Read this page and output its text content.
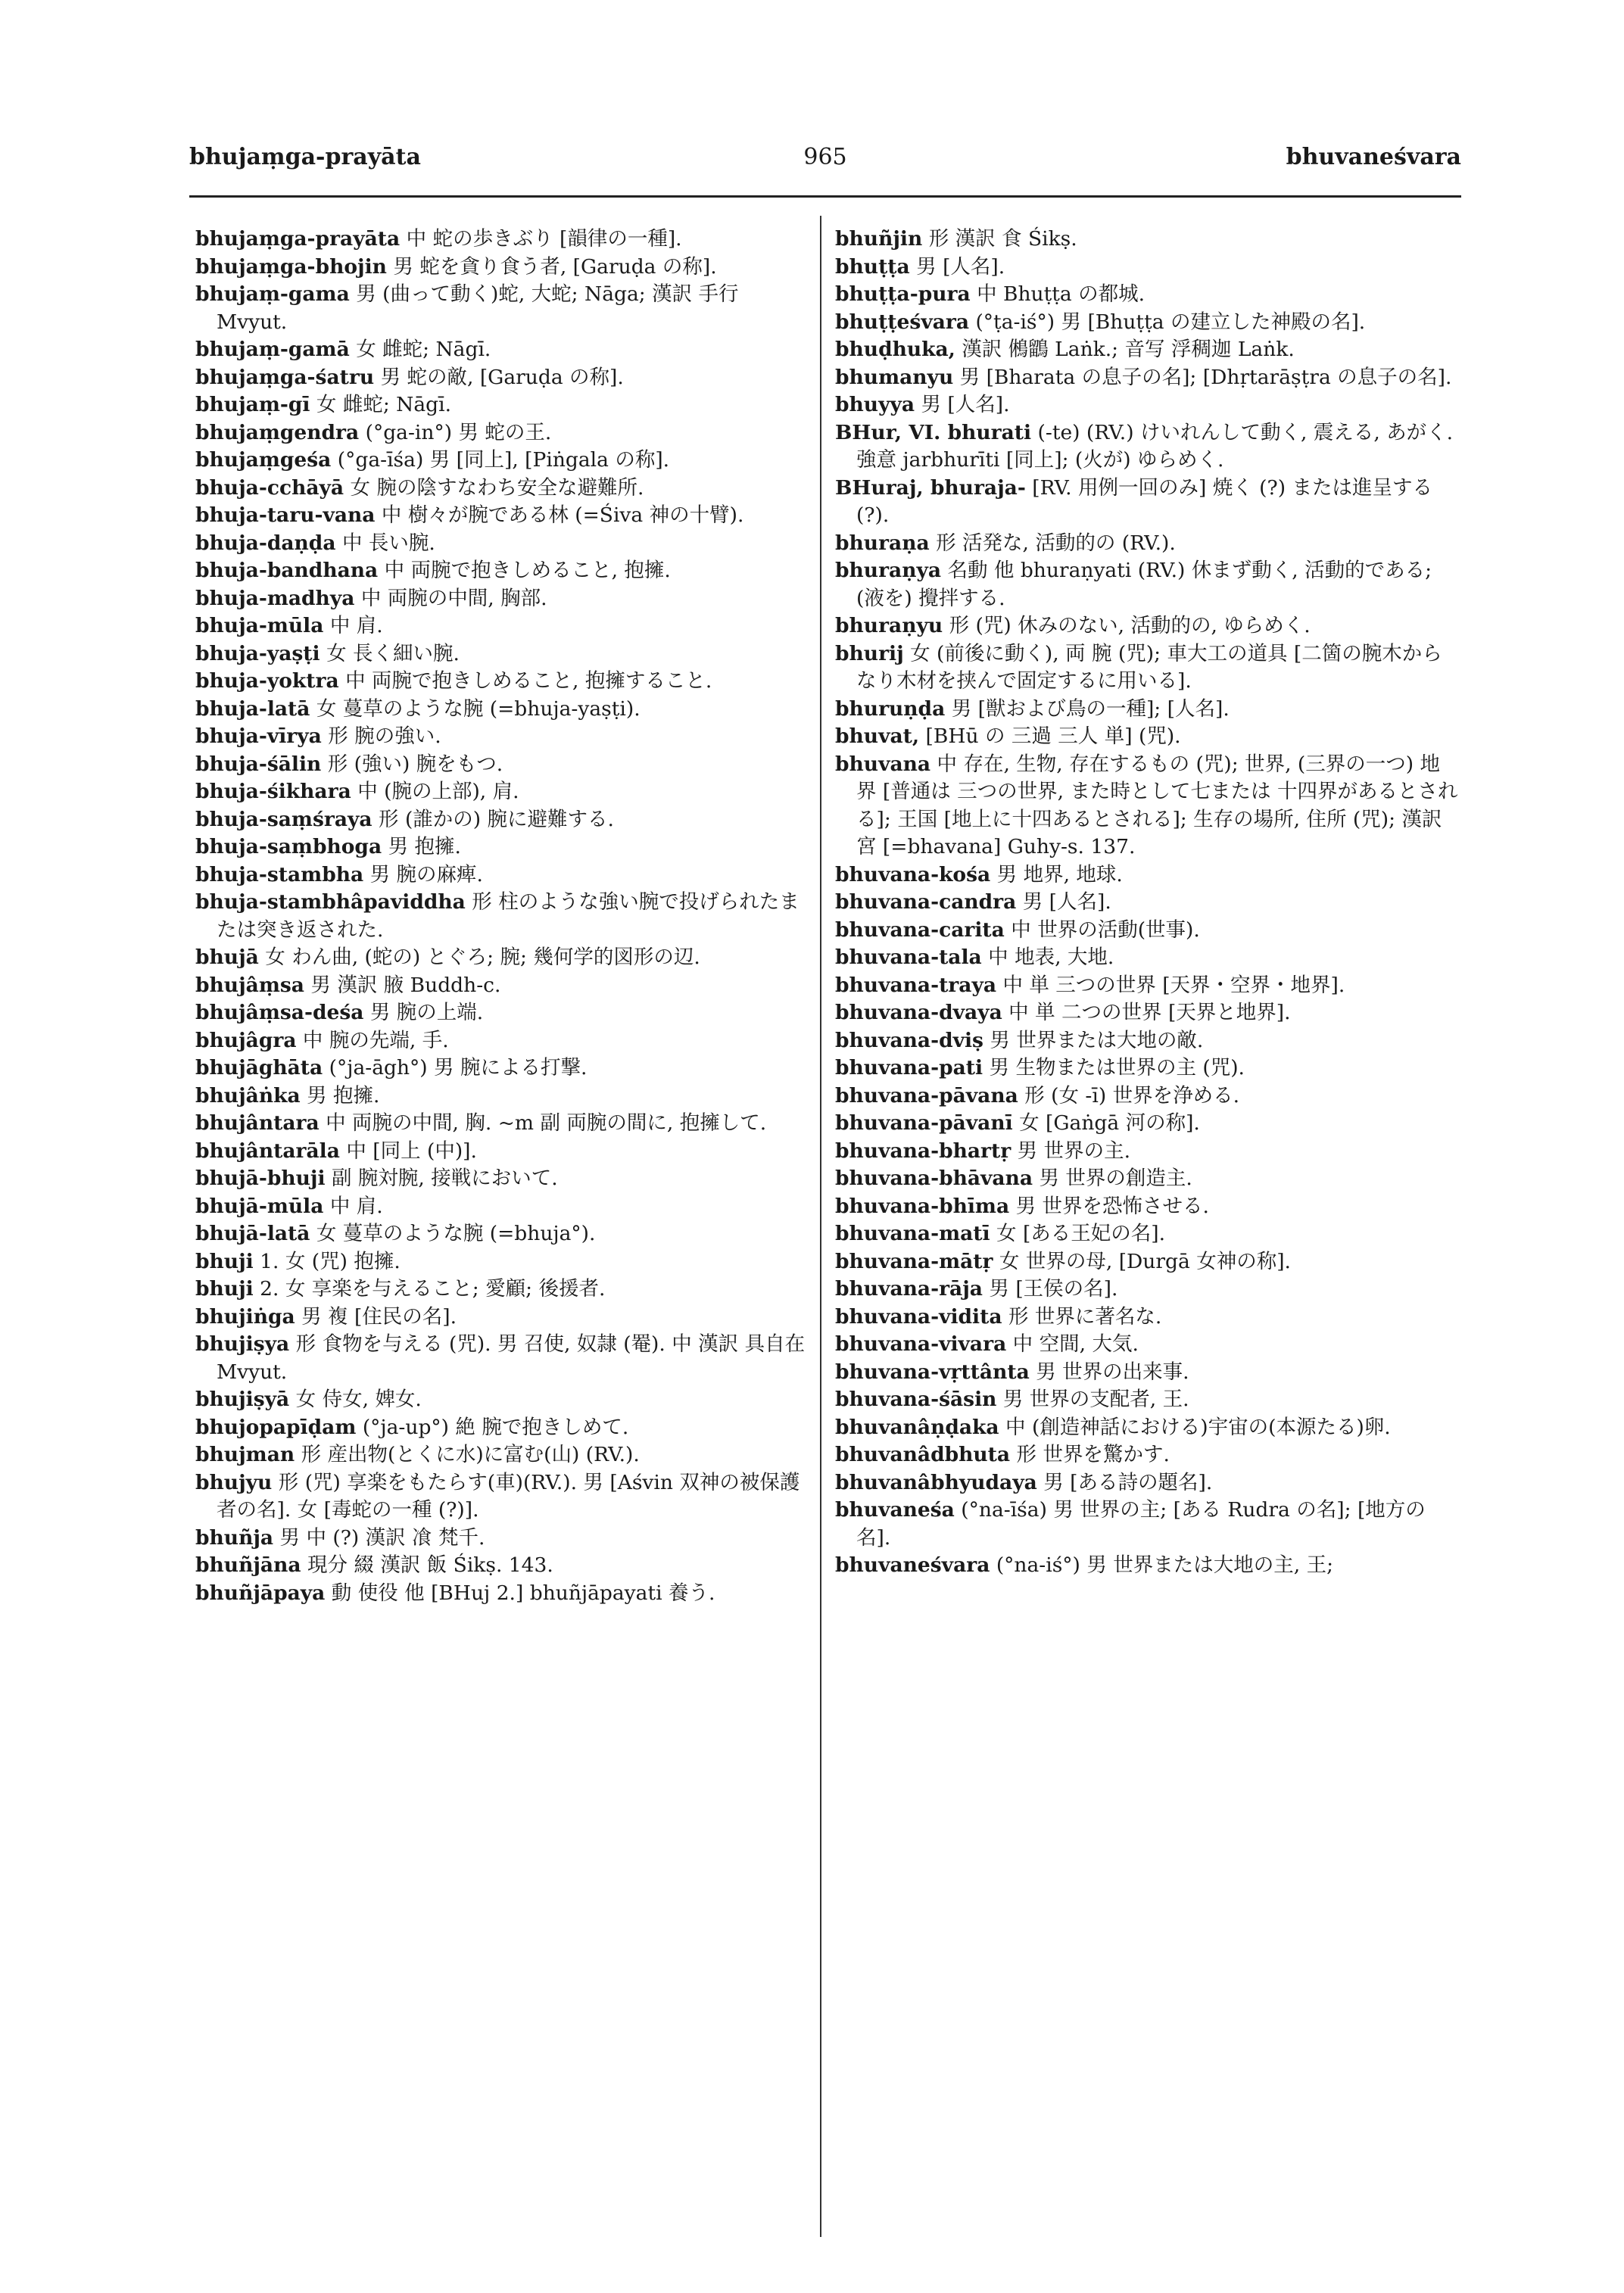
bhujaṃga-prayāta	965	bhuvaneśvara
bhujaṃga-prayāta 中 蛇の歩きぶり [韻律の一種].
bhujaṃga-bhojin 男 蛇を貪り食う者, [Garuḍa の称].
bhujaṃ-gama 男 (曲って動く)蛇, 大蛇; Nāga; 漢訳 手行 Mvyut.
bhujaṃ-gamā 女 雌蛇; Nāgī.
bhujaṃga-śatru 男 蛇の敵, [Garuḍa の称].
bhujaṃ-gī 女 雌蛇; Nāgī.
bhujaṃgendra (°ga-in°) 男 蛇の王.
bhujaṃgeśa (°ga-īśa) 男 [同上], [Piṅgala の称].
bhuja-cchāyā 女 腕の陰すなわち安全な避難所.
bhuja-taru-vana 中 樹々が腕である林 (=Śiva 神の十臂).
bhuja-daṇḍa 中 長い腕.
bhuja-bandhana 中 両腕で抱きしめること, 抱擁.
bhuja-madhya 中 両腕の中間, 胸部.
bhuja-mūla 中 肩.
bhuja-yaṣṭi 女 長く細い腕.
bhuja-yoktra 中 両腕で抱きしめること, 抱擁すること.
bhuja-latā 女 蔓草のような腕 (=bhuja-yaṣṭi).
bhuja-vīrya 形 腕の強い.
bhuja-śālin 形 (強い) 腕をもつ.
bhuja-śikhara 中 (腕の上部), 肩.
bhuja-saṃśraya 形 (誰かの) 腕に避難する.
bhuja-saṃbhoga 男 抱擁.
bhuja-stambha 男 腕の麻痺.
bhuja-stambhâpaviddha 形 柱のような強い腕で投げられたまたは突き返された.
bhujā 女 わん曲, (蛇の) とぐろ; 腕; 幾何学的図形の辺.
bhujâṃsa 男 漢訳 腋 Buddh-c.
bhujâṃsa-deśa 男 腕の上端.
bhujâgra 中 腕の先端, 手.
bhujāghāta (°ja-āgh°) 男 腕による打撃.
bhujâṅka 男 抱擁.
bhujântara 中 両腕の中間, 胸. ~m 副 両腕の間に, 抱擁して.
bhujântarāla 中 [同上 (中)].
bhujā-bhuji 副 腕対腕, 接戦において.
bhujā-mūla 中 肩.
bhujā-latā 女 蔓草のような腕 (=bhuja°).
bhuji 1. 女 (咒) 抱擁.
bhuji 2. 女 享楽を与えること; 愛顧; 後援者.
bhujiṅga 男 複 [住民の名].
bhujiṣya 形 食物を与える (咒). 男 召使, 奴隷 (罨). 中 漢訳 具自在 Mvyut.
bhujiṣyā 女 侍女, 婢女.
bhujopapīḍam (°ja-up°) 絶 腕で抱きしめて.
bhujman 形 産出物(とくに水)に富む(山) (RV.).
bhujyu 形 (咒) 享楽をもたらす(車)(RV.). 男 [Aśvin 双神の被保護者の名]. 女 [毒蛇の一種 (?)].
bhuñja 男 中 (?) 漢訳 飡 梵千.
bhuñjāna 現分 綴 漢訳 飯 Śikṣ. 143.
bhuñjāpaya 動 使役 他 [BHuj 2.] bhuñjāpayati 養う.
bhuñjin 形 漢訳 食 Śikṣ.
bhuṭṭa 男 [人名].
bhuṭṭa-pura 中 Bhuṭṭa の都城.
bhuṭṭeśvara (°ṭa-iś°) 男 [Bhuṭṭa の建立した神殿の名].
bhuḍhuka, 漢訳 鵂鶹 Laṅk.; 音写 浮稠迦 Laṅk.
bhumanyu 男 [Bharata の息子の名]; [Dhṛtarāṣṭra の息子の名].
bhuyya 男 [人名].
BHur, VI. bhurati (-te) (RV.) けいれんして動く, 震える, あがく. 強意 jarbhurīti [同上]; (火が) ゆらめく.
BHuraj, bhuraja- [RV. 用例一回のみ] 焼く (?) または進呈する (?).
bhuraṇa 形 活発な, 活動的の (RV.).
bhuraṇya 名動 他 bhuraṇyati (RV.) 休まず動く, 活動的である; (液を) 攪拌する.
bhuraṇyu 形 (咒) 休みのない, 活動的の, ゆらめく.
bhurij 女 (前後に動く), 両 腕 (咒); 車大工の道具 [二箇の腕木からなり木材を挟んで固定するに用いる].
bhuruṇḍa 男 [獣および鳥の一種]; [人名].
bhuvat, [BHū の 三過 三人 単] (咒).
bhuvana 中 存在, 生物, 存在するもの (咒); 世界, (三界の一つ) 地界 [普通は 三つの世界, また時として七または 十四界があるとされる]; 王国 [地上に十四あるとされる]; 生存の場所, 住所 (咒); 漢訳 宮 [=bhavana] Guhy-s. 137.
bhuvana-kośa 男 地界, 地球.
bhuvana-candra 男 [人名].
bhuvana-carita 中 世界の活動(世事).
bhuvana-tala 中 地表, 大地.
bhuvana-traya 中 単 三つの世界 [天界・空界・地界].
bhuvana-dvaya 中 単 二つの世界 [天界と地界].
bhuvana-dviṣ 男 世界または大地の敵.
bhuvana-pati 男 生物または世界の主 (咒).
bhuvana-pāvana 形 (女 -ī) 世界を浄める.
bhuvana-pāvanī 女 [Gaṅgā 河の称].
bhuvana-bhartṛ 男 世界の主.
bhuvana-bhāvana 男 世界の創造主.
bhuvana-bhīma 男 世界を恐怖させる.
bhuvana-matī 女 [ある王妃の名].
bhuvana-mātṛ 女 世界の母, [Durgā 女神の称].
bhuvana-rāja 男 [王侯の名].
bhuvana-vidita 形 世界に著名な.
bhuvana-vivara 中 空間, 大気.
bhuvana-vṛttânta 男 世界の出来事.
bhuvana-śāsin 男 世界の支配者, 王.
bhuvanâṇḍaka 中 (創造神話における)宇宙の(本源たる)卵.
bhuvanâdbhuta 形 世界を驚かす.
bhuvanâbhyudaya 男 [ある詩の題名].
bhuvaneśa (°na-īśa) 男 世界の主; [ある Rudra の名]; [地方の名].
bhuvaneśvara (°na-iś°) 男 世界または大地の主, 王;
